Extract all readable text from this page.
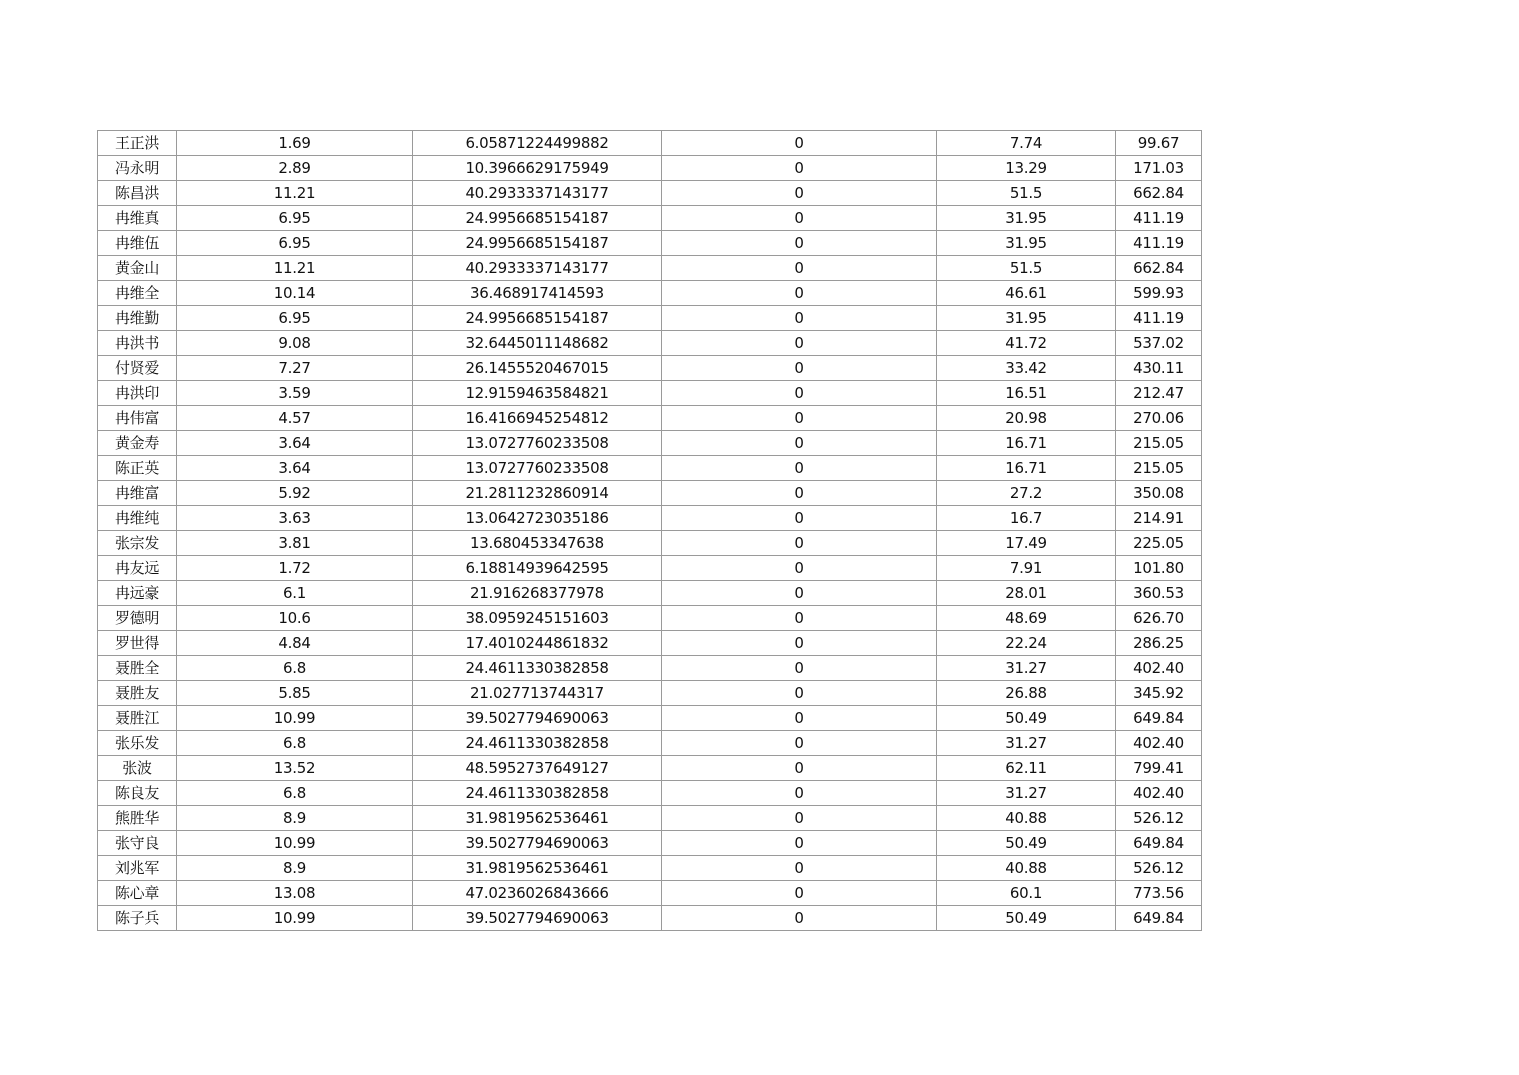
王正洪	1.69	6.05871224499882	0	7.74	99.67
冯永明	2.89	10.3966629175949	0	13.29	171.03
陈昌洪	11.21	40.2933337143177	0	51.5	662.84
冉维真	6.95	24.9956685154187	0	31.95	411.19
冉维伍	6.95	24.9956685154187	0	31.95	411.19
黄金山	11.21	40.2933337143177	0	51.5	662.84
冉维全	10.14	36.468917414593	0	46.61	599.93
冉维勤	6.95	24.9956685154187	0	31.95	411.19
冉洪书	9.08	32.6445011148682	0	41.72	537.02
付贤爱	7.27	26.1455520467015	0	33.42	430.11
冉洪印	3.59	12.9159463584821	0	16.51	212.47
冉伟富	4.57	16.4166945254812	0	20.98	270.06
黄金寿	3.64	13.0727760233508	0	16.71	215.05
陈正英	3.64	13.0727760233508	0	16.71	215.05
冉维富	5.92	21.2811232860914	0	27.2	350.08
冉维纯	3.63	13.0642723035186	0	16.7	214.91
张宗发	3.81	13.680453347638	0	17.49	225.05
冉友远	1.72	6.18814939642595	0	7.91	101.80
冉远豪	6.1	21.916268377978	0	28.01	360.53
罗德明	10.6	38.0959245151603	0	48.69	626.70
罗世得	4.84	17.4010244861832	0	22.24	286.25
聂胜全	6.8	24.4611330382858	0	31.27	402.40
聂胜友	5.85	21.027713744317	0	26.88	345.92
聂胜江	10.99	39.5027794690063	0	50.49	649.84
张乐发	6.8	24.4611330382858	0	31.27	402.40
张波	13.52	48.5952737649127	0	62.11	799.41
陈良友	6.8	24.4611330382858	0	31.27	402.40
熊胜华	8.9	31.9819562536461	0	40.88	526.12
张守良	10.99	39.5027794690063	0	50.49	649.84
刘兆军	8.9	31.9819562536461	0	40.88	526.12
陈心章	13.08	47.0236026843666	0	60.1	773.56
陈子兵	10.99	39.5027794690063	0	50.49	649.84
